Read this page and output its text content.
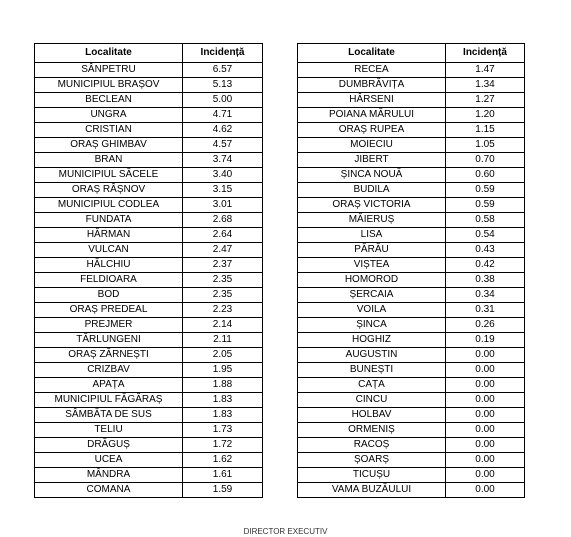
Localitate	Incidență
SÂNPETRU	6.57
MUNICIPIUL BRAȘOV	5.13
BECLEAN	5.00
UNGRA	4.71
CRISTIAN	4.62
ORAȘ GHIMBAV	4.57
BRAN	3.74
MUNICIPIUL SĂCELE	3.40
ORAȘ RÂȘNOV	3.15
MUNICIPIUL CODLEA	3.01
FUNDATA	2.68
HĂRMAN	2.64
VULCAN	2.47
HĂLCHIU	2.37
FELDIOARA	2.35
BOD	2.35
ORAȘ PREDEAL	2.23
PREJMER	2.14
TĂRLUNGENI	2.11
ORAȘ ZĂRNEȘTI	2.05
CRIZBAV	1.95
APAȚA	1.88
MUNICIPIUL FĂGĂRAȘ	1.83
SÂMBĂTA DE SUS	1.83
TELIU	1.73
DRĂGUȘ	1.72
UCEA	1.62
MÂNDRA	1.61
COMANA	1.59
Localitate	Incidență
RECEA	1.47
DUMBRĂVIȚA	1.34
HÂRSENI	1.27
POIANA MĂRULUI	1.20
ORAȘ RUPEA	1.15
MOIECIU	1.05
JIBERT	0.70
ȘINCA NOUĂ	0.60
BUDILA	0.59
ORAȘ VICTORIA	0.59
MĂIERUȘ	0.58
LISA	0.54
PĂRĂU	0.43
VIȘTEA	0.42
HOMOROD	0.38
ȘERCAIA	0.34
VOILA	0.31
ȘINCA	0.26
HOGHIZ	0.19
AUGUSTIN	0.00
BUNEȘTI	0.00
CAȚA	0.00
CINCU	0.00
HOLBAV	0.00
ORMENIȘ	0.00
RACOȘ	0.00
ȘOARȘ	0.00
TICUȘU	0.00
VAMA BUZĂULUI	0.00
DIRECTOR EXECUTIV
